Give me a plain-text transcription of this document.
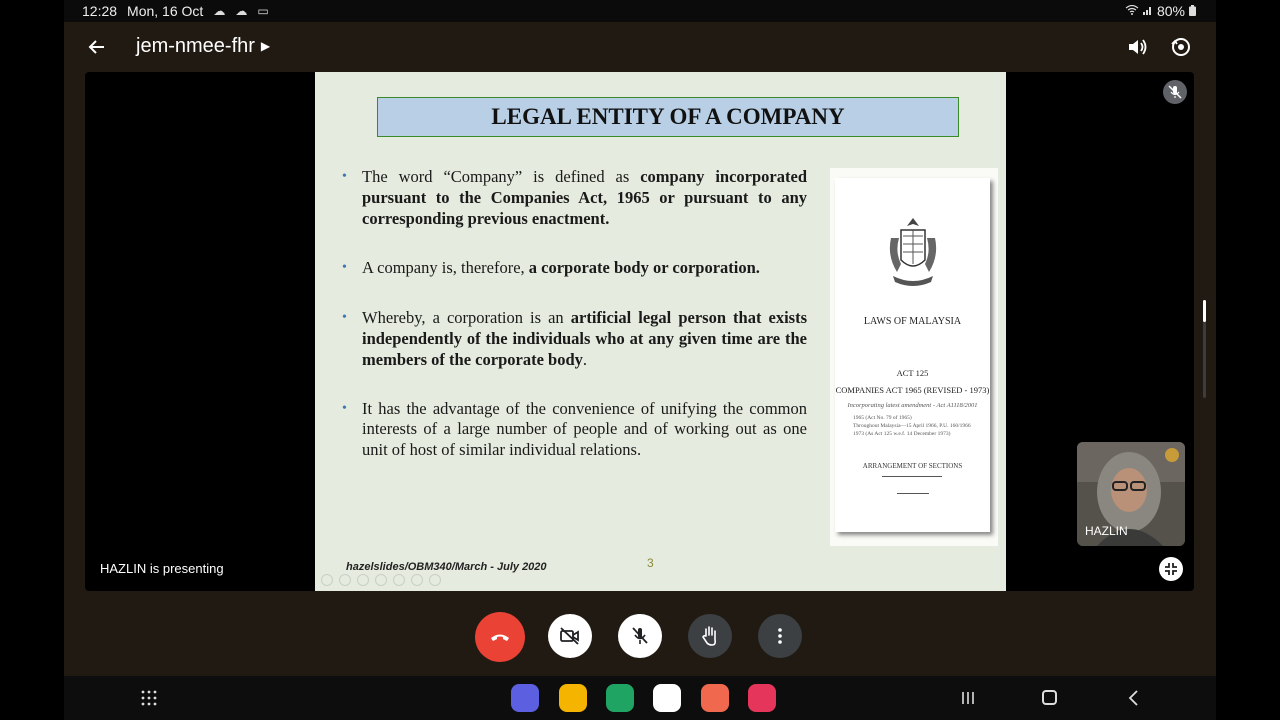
12:28 Mon, 16 Oct ☁ ☁ ▭	80%
jem-nmee-fhr ▶
LEGAL ENTITY OF A COMPANY
• The word “Company” is defined as company incorporated pursuant to the Companies Act, 1965 or pursuant to any corresponding previous enactment.
• A company is, therefore, a corporate body or corporation.
• Whereby, a corporation is an artificial legal person that exists independently of the individuals who at any given time are the members of the corporate body.
• It has the advantage of the convenience of unifying the common interests of a large number of people and of working out as one unit of host of similar individual relations.
LAWS OF MALAYSIA
ACT 125
COMPANIES ACT 1965 (REVISED - 1973)
Incorporating latest amendment - Act A1118/2001
1965 (Act No. 79 of 1965)
Throughout Malaysia—15 April 1966, P.U. 160/1966
1973 (As Act 125 w.e.f. 14 December 1973)
ARRANGEMENT OF SECTIONS
hazelslides/OBM340/March - July 2020	3
HAZLIN is presenting
HAZLIN
